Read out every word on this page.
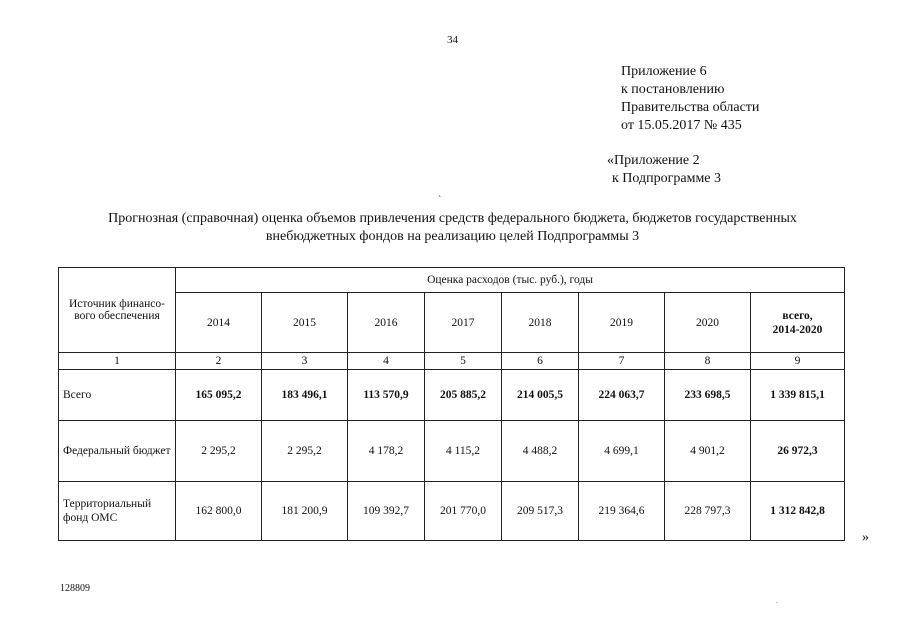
34
Приложение 6
к постановлению
Правительства области
от 15.05.2017 № 435
«Приложение 2
к Подпрограмме 3
`
Прогнозная (справочная) оценка объемов привлечения средств федерального бюджета, бюджетов государственных
внебюджетных фондов на реализацию целей Подпрограммы 3
Источник финансо-вого обеспечения	Оценка расходов (тыс. руб.), годы							
	2014	2015	2016	2017	2018	2019	2020	всего,
2014-2020

1	2	3	4	5	6	7	8	9
Всего	165 095,2	183 496,1	113 570,9	205 885,2	214 005,5	224 063,7	233 698,5	1 339 815,1
Федеральный бюджет	2 295,2	2 295,2	4 178,2	4 115,2	4 488,2	4 699,1	4 901,2	26 972,3
Территориальный фонд ОМС	162 800,0	181 200,9	109 392,7	201 770,0	209 517,3	219 364,6	228 797,3	1 312 842,8
»
128809
.
